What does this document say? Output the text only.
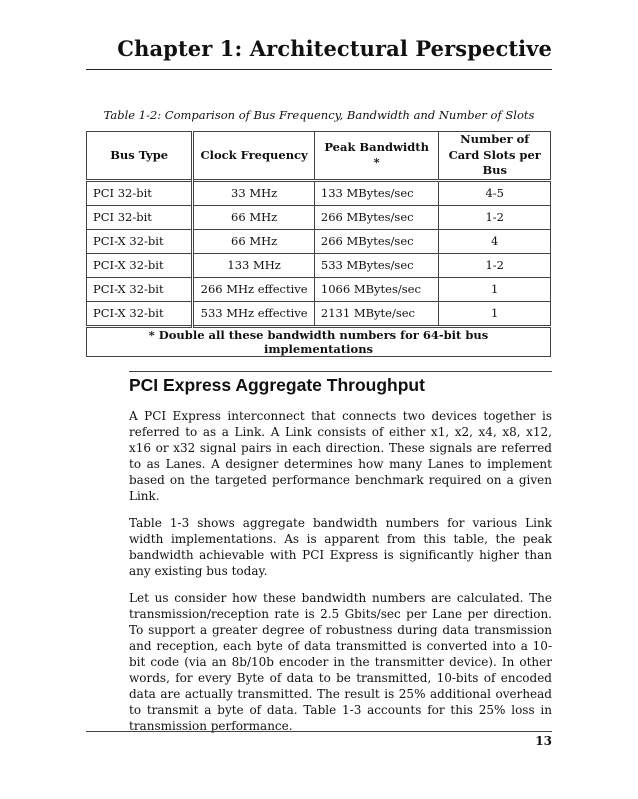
Chapter 1: Architectural Perspective
Table 1-2: Comparison of Bus Frequency, Bandwidth and Number of Slots
Bus Type	Clock Frequency	Peak Bandwidth *	Number of Card Slots per Bus
PCI 32-bit	33 MHz	133 MBytes/sec	4-5
PCI 32-bit	66 MHz	266 MBytes/sec	1-2
PCI-X 32-bit	66 MHz	266 MBytes/sec	4
PCI-X 32-bit	133 MHz	533 MBytes/sec	1-2
PCI-X 32-bit	266 MHz effective	1066 MBytes/sec	1
PCI-X 32-bit	533 MHz effective	2131 MByte/sec	1
* Double all these bandwidth numbers for 64-bit bus implementations			
PCI Express Aggregate Throughput

A PCI Express interconnect that connects two devices together is referred to as a Link. A Link consists of either x1, x2, x4, x8, x12, x16 or x32 signal pairs in each direction. These signals are referred to as Lanes. A designer determines how many Lanes to implement based on the targeted performance benchmark required on a given Link.

Table 1-3 shows aggregate bandwidth numbers for various Link width implementations. As is apparent from this table, the peak bandwidth achievable with PCI Express is significantly higher than any existing bus today.

Let us consider how these bandwidth numbers are calculated. The transmission/reception rate is 2.5 Gbits/sec per Lane per direction. To support a greater degree of robustness during data transmission and reception, each byte of data transmitted is converted into a 10-bit code (via an 8b/10b encoder in the transmitter device). In other words, for every Byte of data to be transmitted, 10-bits of encoded data are actually transmitted. The result is 25% additional overhead to transmit a byte of data. Table 1-3 accounts for this 25% loss in transmission performance.

13
